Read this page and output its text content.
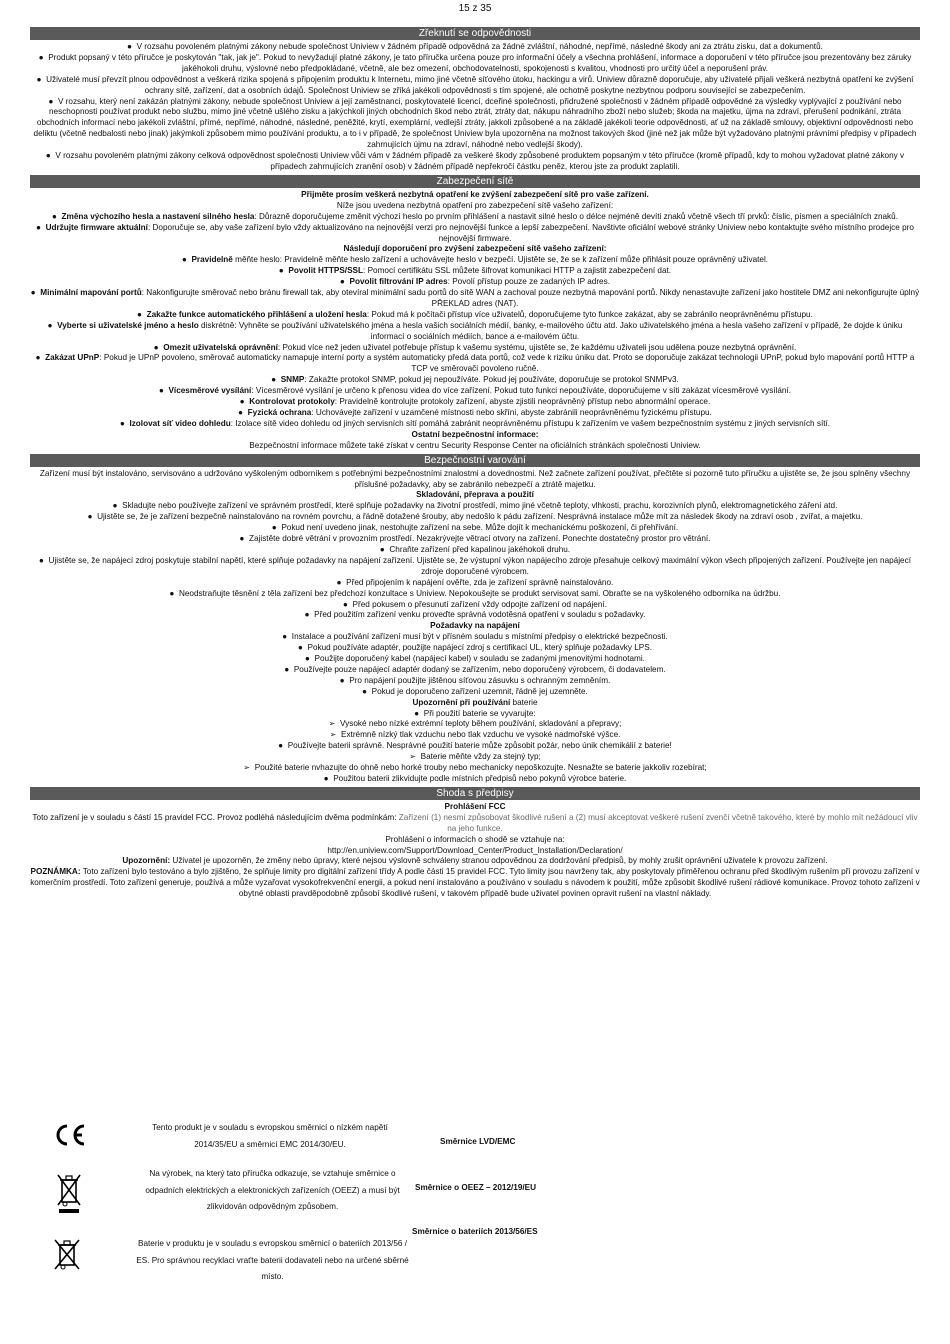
15 z 35
Zřeknutí se odpovědnosti

●  V rozsahu povoleném platnými zákony nebude společnost Uniview v žádném případě odpovědná za žádné zvláštní, náhodné, nepřímé, následné škody ani za ztrátu zisku, dat a dokumentů.

●  Produkt popsaný v této příručce je poskytován "tak, jak je". Pokud to nevyžadují platné zákony, je tato příručka určena pouze pro informační účely a všechna prohlášení, informace a doporučení v této příručce jsou prezentovány bez záruky jakéhokoli druhu, výslovné nebo předpokládané, včetně, ale bez omezení, obchodovatelnosti, spokojenosti s kvalitou, vhodnosti pro určitý účel a neporušení práv.

●  Uživatelé musí převzít plnou odpovědnost a veškerá rizika spojená s připojením produktu k Internetu, mimo jiné včetně síťového útoku, hackingu a virů. Uniview důrazně doporučuje, aby uživatelé přijali veškerá nezbytná opatření ke zvýšení ochrany sítě, zařízení, dat a osobních údajů. Společnost Uniview se zříká jakékoli odpovědnosti s tím spojené, ale ochotně poskytne nezbytnou podporu související se zabezpečením.

●  V rozsahu, který není zakázán platnými zákony, nebude společnost Uniview a její zaměstnanci, poskytovatelé licencí, dceřiné společnosti, přidružené společnosti v žádném případě odpovědné za výsledky vyplývající z používání nebo neschopnosti používat produkt nebo službu, mimo jiné včetně ušlého zisku a jakýchkoli jiných obchodních škod nebo ztrát, ztráty dat, nákupu náhradního zboží nebo služeb; škoda na majetku, újma na zdraví, přerušení podnikání, ztráta obchodních informací nebo jakékoli zvláštní, přímé, nepřímé, náhodné, následné, peněžité, krytí, exemplární, vedlejší ztráty, jakkoli způsobené a na základě jakékoli teorie odpovědnosti, ať už na základě smlouvy, objektivní odpovědnosti nebo deliktu (včetně nedbalosti nebo jinak) jakýmkoli způsobem mimo používání produktu, a to i v případě, že společnost Uniview byla upozorněna na možnost takových škod (jiné než jak může být vyžadováno platnými právními předpisy v případech zahrnujících újmu na zdraví, náhodné nebo vedlejší škody).

●  V rozsahu povoleném platnými zákony celková odpovědnost společnosti Uniview vůči vám v žádném případě za veškeré škody způsobené produktem popsaným v této příručce (kromě případů, kdy to mohou vyžadovat platné zákony v případech zahrnujících zranění osob) v žádném případě nepřekročí částku peněz, kterou jste za produkt zaplatili.

Zabezpečení sítě

Přijměte prosím veškerá nezbytná opatření ke zvýšení zabezpečení sítě pro vaše zařízení.

Níže jsou uvedena nezbytná opatření pro zabezpečení sítě vašeho zařízení:

●  Změna výchozího hesla a nastavení silného hesla: Důrazně doporučujeme změnit výchozí heslo po prvním přihlášení a nastavit silné heslo o délce nejméně devíti znaků včetně všech tří prvků: číslic, písmen a speciálních znaků.

●  Udržujte firmware aktuální: Doporučuje se, aby vaše zařízení bylo vždy aktualizováno na nejnovější verzi pro nejnovější funkce a lepší zabezpečení. Navštivte oficiální webové stránky Uniview nebo kontaktujte svého místního prodejce pro nejnovější firmware.

Následují doporučení pro zvýšení zabezpečení sítě vašeho zařízení:

●  Pravidelně měňte heslo: Pravidelně měňte heslo zařízení a uchovávejte heslo v bezpečí. Ujistěte se, že se k zařízení může přihlásit pouze oprávněný uživatel.

●  Povolit HTTPS/SSL: Pomocí certifikátu SSL můžete šifrovat komunikaci HTTP a zajistit zabezpečení dat.

●  Povolit filtrování IP adres: Povolí přístup pouze ze zadaných IP adres.

●  Minimální mapování portů: Nakonfigurujte směrovač nebo bránu firewall tak, aby otevíral minimální sadu portů do sítě WAN a zachoval pouze nezbytná mapování portů. Nikdy nenastavujte zařízení jako hostitele DMZ ani nekonfigurujte úplný PŘEKLAD adres (NAT).

●  Zakažte funkce automatického přihlášení a uložení hesla: Pokud má k počítači přístup více uživatelů, doporučujeme tyto funkce zakázat, aby se zabránilo neoprávněnému přístupu.

●  Vyberte si uživatelské jméno a heslo diskrétně: Vyhněte se používání uživatelského jména a hesla vašich sociálních médií, banky, e-mailového účtu atd. Jako uživatelského jména a hesla vašeho zařízení v případě, že dojde k úniku informací o sociálních médiích, bance a e-mailovém účtu.

●  Omezit uživatelská oprávnění: Pokud více než jeden uživatel potřebuje přístup k vašemu systému, ujistěte se, že každému uživateli jsou udělena pouze nezbytná oprávnění.

●  Zakázat UPnP: Pokud je UPnP povoleno, směrovač automaticky namapuje interní porty a systém automaticky předá data portů, což vede k riziku úniku dat. Proto se doporučuje zakázat technologii UPnP, pokud bylo mapování portů HTTP a TCP ve směrovači povoleno ručně.

●  SNMP: Zakažte protokol SNMP, pokud jej nepoužíváte. Pokud jej používáte, doporučuje se protokol SNMPv3.

●  Vícesměrové vysílání: Vícesměrové vysílání je určeno k přenosu videa do více zařízení. Pokud tuto funkci nepoužíváte, doporučujeme v síti zakázat vícesměrové vysílání.

●  Kontrolovat protokoly: Pravidelně kontrolujte protokoly zařízení, abyste zjistili neoprávněný přístup nebo abnormální operace.

●  Fyzická ochrana: Uchovávejte zařízení v uzamčené místnosti nebo skříni, abyste zabránili neoprávněnému fyzickému přístupu.

●  Izolovat síť video dohledu: Izolace sítě video dohledu od jiných servisních sítí pomáhá zabránit neoprávněnému přístupu k zařízením ve vašem bezpečnostním systému z jiných servisních sítí.

Ostatní bezpečnostní informace:

Bezpečnostní informace můžete také získat v centru Security Response Center na oficiálních stránkách společnosti Uniview.

Bezpečnostní varování

Zařízení musí být instalováno, servisováno a udržováno vyškoleným odborníkem s potřebnými bezpečnostními znalostmi a dovednostmi. Než začnete zařízení používat, přečtěte si pozorně tuto příručku a ujistěte se, že jsou splněny všechny příslušné požadavky, aby se zabránilo nebezpečí a ztrátě majetku.

Skladování, přeprava a použití

●  Skladujte nebo používejte zařízení ve správném prostředí, které splňuje požadavky na životní prostředí, mimo jiné včetně teploty, vlhkosti, prachu, korozivních plynů, elektromagnetického záření atd.

●  Ujistěte se, že je zařízení bezpečně nainstalováno na rovném povrchu, a řádně dotažené šrouby, aby nedošlo k pádu zařízení. Nesprávná instalace může mít za následek škody na zdraví osob , zvířat, a majetku.

●  Pokud není uvedeno jinak, nestohujte zařízení na sebe. Může dojít k mechanickému poškození, či přehřívání.

●  Zajistěte dobré větrání v provozním prostředí. Nezakrývejte větrací otvory na zařízení. Ponechte dostatečný prostor pro větrání.

●  Chraňte zařízení před kapalinou jakéhokoli druhu.

●  Ujistěte se, že napájecí zdroj poskytuje stabilní napětí, které splňuje požadavky na napájení zařízení. Ujistěte se, že výstupní výkon napájecího zdroje přesahuje celkový maximální výkon všech připojených zařízení. Používejte jen napájecí zdroje doporučené výrobcem.

●  Před připojením k napájení ověřte, zda je zařízení správně nainstalováno.

●  Neodstraňujte těsnění z těla zařízení bez předchozí konzultace s Uniview. Nepokoušejte se produkt servisovat sami. Obraťte se na vyškoleného odborníka na údržbu.

●  Před pokusem o přesunutí zařízení vždy odpojte zařízení od napájení.

●  Před použitím zařízení venku proveďte správná vodotěsná opatření v souladu s požadavky.

Požadavky na napájení

●  Instalace a používání zařízení musí být v přísném souladu s místními předpisy o elektrické bezpečnosti.

●  Pokud používáte adaptér, použijte napájecí zdroj s certifikací UL, který splňuje požadavky LPS.

●  Použijte doporučený kabel (napájecí kabel) v souladu se zadanými jmenovitými hodnotami.

●  Používejte pouze napájecí adaptér dodaný se zařízením, nebo doporučený výrobcem, či dodavatelem.

●  Pro napájení použijte jištěnou síťovou zásuvku s ochranným zemněním.

●  Pokud je doporučeno zařízení uzemnit, řádně jej uzemněte.

Upozornění při používání baterie

●  Při použití baterie se vyvarujte:

➢  Vysoké nebo nízké extrémní teploty během používání, skladování a přepravy;

➢  Extrémně nízký tlak vzduchu nebo tlak vzduchu ve vysoké nadmořské výšce.

●  Používejte baterii správně. Nesprávné použití baterie může způsobit požár, nebo únik chemikálií z baterie!

➢  Baterie měňte vždy za stejný typ;

➢  Použité baterie nvhazujte do ohně nebo horké trouby nebo mechanicky nepoškozujte. Nesnažte se baterie jakkoliv rozebírat;

●  Použitou baterii zlikvidujte podle místních předpisů nebo pokynů výrobce baterie.

Shoda s předpisy

Prohlášení FCC

Toto zařízení je v souladu s částí 15 pravidel FCC. Provoz podléhá následujícím dvěma podmínkám: Zařízení (1) nesmí způsobovat škodlivé rušení a (2) musí akceptovat veškeré rušení zvenčí včetně takového, které by mohlo mít nežádoucí vliv na jeho funkce.

Prohlášení o informacích o shodě se vztahuje na:

http://en.uniview.com/Support/Download_Center/Product_Installation/Declaration/

Upozornění: Uživatel je upozorněn, že změny nebo úpravy, které nejsou výslovně schváleny stranou odpovědnou za dodržování předpisů, by mohly zrušit oprávnění uživatele k provozu zařízení.

POZNÁMKA: Toto zařízení bylo testováno a bylo zjištěno, že splňuje limity pro digitální zařízení třídy A podle části 15 pravidel FCC. Tyto limity jsou navrženy tak, aby poskytovaly přiměřenou ochranu před škodlivým rušením při provozu zařízení v komerčním prostředí. Toto zařízení generuje, používá a může vyzařovat vysokofrekvenční energii, a pokud není instalováno a používáno v souladu s návodem k použití, může způsobit škodlivé rušení rádiové komunikace. Provoz tohoto zařízení v obytné oblasti pravděpodobně způsobí škodlivé rušení, v takovém případě bude uživatel povinen opravit rušení na vlastní náklady.

Směrnice LVD/EMC
Tento produkt je v souladu s evropskou směrnicí o nízkém napětí
2014/35/EU a směrnicí EMC 2014/30/EU.
Směrnice o OEEZ – 2012/19/EU
Na výrobek, na který tato příručka odkazuje, se vztahuje směrnice o
odpadních elektrických a elektronických zařízeních (OEEZ) a musí být
zlikvidován odpovědným způsobem.
Směrnice o bateriích 2013/56/ES
Baterie v produktu je v souladu s evropskou směrnicí o bateriích 2013/56 /
ES. Pro správnou recyklaci vraťte baterii dodavateli nebo na určené sběrné
místo.
